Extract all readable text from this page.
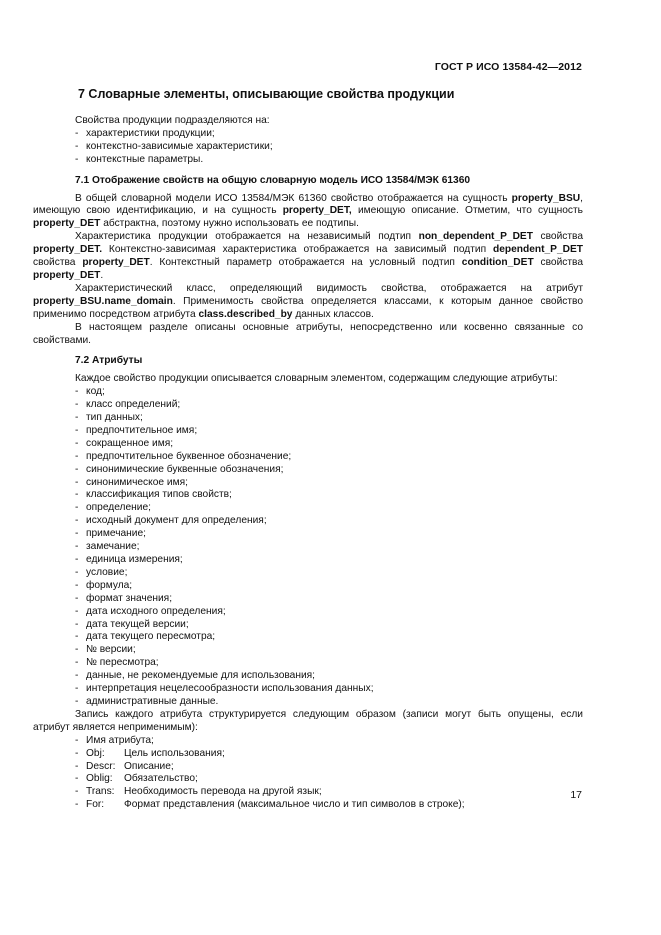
ГОСТ Р ИСО 13584-42—2012
7 Словарные элементы, описывающие свойства продукции

Свойства продукции подразделяются на:

- характеристики продукции;
- контекстно-зависимые характеристики;
- контекстные параметры.

7.1 Отображение свойств на общую словарную модель ИСО 13584/МЭК 61360

В общей словарной модели ИСО 13584/МЭК 61360 свойство отображается на сущность property_BSU, имеющую свою идентификацию, и на сущность property_DET, имеющую описание. Отметим, что сущность property_DET абстрактна, поэтому нужно использовать ее подтипы.

Характеристика продукции отображается на независимый подтип non_dependent_P_DET свойства property_DET. Контекстно-зависимая характеристика отображается на зависимый подтип dependent_P_DET свойства property_DET. Контекстный параметр отображается на условный подтип condition_DET свойства property_DET.

Характеристический класс, определяющий видимость свойства, отображается на атрибут property_BSU.name_domain. Применимость свойства определяется классами, к которым данное свойство применимо посредством атрибута class.described_by данных классов.

В настоящем разделе описаны основные атрибуты, непосредственно или косвенно связанные со свойствами.

7.2 Атрибуты

Каждое свойство продукции описывается словарным элементом, содержащим следующие атрибуты:

- код;
- класс определений;
- тип данных;
- предпочтительное имя;
- сокращенное имя;
- предпочтительное буквенное обозначение;
- синонимические буквенные обозначения;
- синонимическое имя;
- классификация типов свойств;
- определение;
- исходный документ для определения;
- примечание;
- замечание;
- единица измерения;
- условие;
- формула;
- формат значения;
- дата исходного определения;
- дата текущей версии;
- дата текущего пересмотра;
- № версии;
- № пересмотра;
- данные, не рекомендуемые для использования;
- интерпретация нецелесообразности использования данных;
- административные данные.

Запись каждого атрибута структурируется следующим образом (записи могут быть опущены, если атрибут является неприменимым):

- Имя атрибута;
- Obj: Цель использования;
- Descr: Описание;
- Oblig: Обязательство;
- Trans: Необходимость перевода на другой язык;
- For: Формат представления (максимальное число и тип символов в строке);
17
